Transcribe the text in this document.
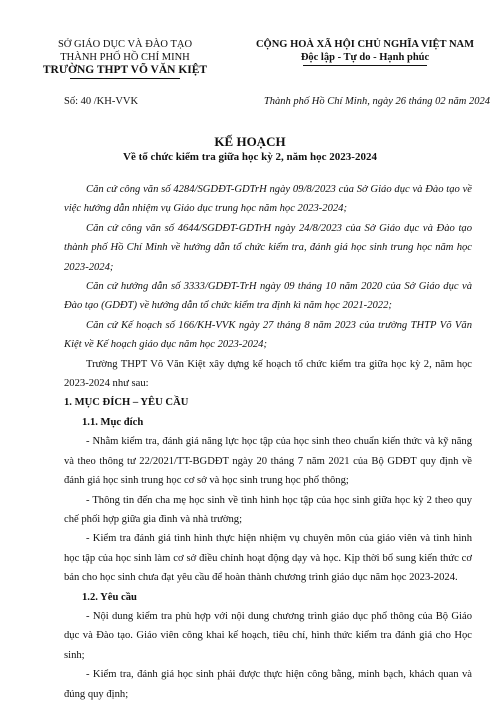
SỞ GIÁO DỤC VÀ ĐÀO TẠO
THÀNH PHỐ HỒ CHÍ MINH
TRƯỜNG THPT VÕ VĂN KIỆT
CỘNG HOÀ XÃ HỘI CHỦ NGHĨA VIỆT NAM
Độc lập - Tự do - Hạnh phúc
Số: 40 /KH-VVK	Thành phố Hồ Chí Minh, ngày 26 tháng 02 năm 2024
KẾ HOẠCH
Về tổ chức kiểm tra giữa học kỳ 2, năm học 2023-2024

Căn cứ công văn số 4284/SGDĐT-GDTrH ngày 09/8/2023 của Sở Giáo dục và Đào tạo về việc hướng dẫn nhiệm vụ Giáo dục trung học năm học 2023-2024;

Căn cứ công văn số 4644/SGDĐT-GDTrH ngày 24/8/2023 của Sở Giáo dục và Đào tạo thành phố Hồ Chí Minh về hướng dẫn tổ chức kiểm tra, đánh giá học sinh trung học năm học 2023-2024;

Căn cứ hướng dẫn số 3333/GDĐT-TrH ngày 09 tháng 10 năm 2020 của Sở Giáo dục và Đào tạo (GDĐT) về hướng dẫn tổ chức kiểm tra định kì năm học 2021-2022;

Căn cứ Kế hoạch số 166/KH-VVK ngày 27 tháng 8 năm 2023 của trường THTP Võ Văn Kiệt về Kế hoạch giáo dục năm học 2023-2024;

Trường THPT Võ Văn Kiệt xây dựng kế hoạch tổ chức kiểm tra giữa học kỳ 2, năm học 2023-2024 như sau:

1. MỤC ĐÍCH – YÊU CẦU

1.1. Mục đích

- Nhằm kiểm tra, đánh giá năng lực học tập của học sinh theo chuẩn kiến thức và kỹ năng và theo thông tư 22/2021/TT-BGDĐT ngày 20 tháng 7 năm 2021 của Bộ GDĐT quy định về đánh giá học sinh trung học cơ sở và học sinh trung học phổ thông;

- Thông tin đến cha mẹ học sinh về tình hình học tập của học sinh giữa học kỳ 2 theo quy chế phối hợp giữa gia đình và nhà trường;

- Kiểm tra đánh giá tình hình thực hiện nhiệm vụ chuyên môn của giáo viên và tình hình học tập của học sinh làm cơ sở điều chỉnh hoạt động dạy và học. Kịp thời bổ sung kiến thức cơ bản cho học sinh chưa đạt yêu cầu để hoàn thành chương trình giáo dục năm học 2023-2024.

1.2. Yêu cầu

- Nội dung kiểm tra phù hợp với nội dung chương trình giáo dục phổ thông của Bộ Giáo dục và Đào tạo. Giáo viên công khai kế hoạch, tiêu chí, hình thức kiểm tra đánh giá cho Học sinh;

- Kiểm tra, đánh giá học sinh phải được thực hiện công bằng, minh bạch, khách quan và đúng quy định;
